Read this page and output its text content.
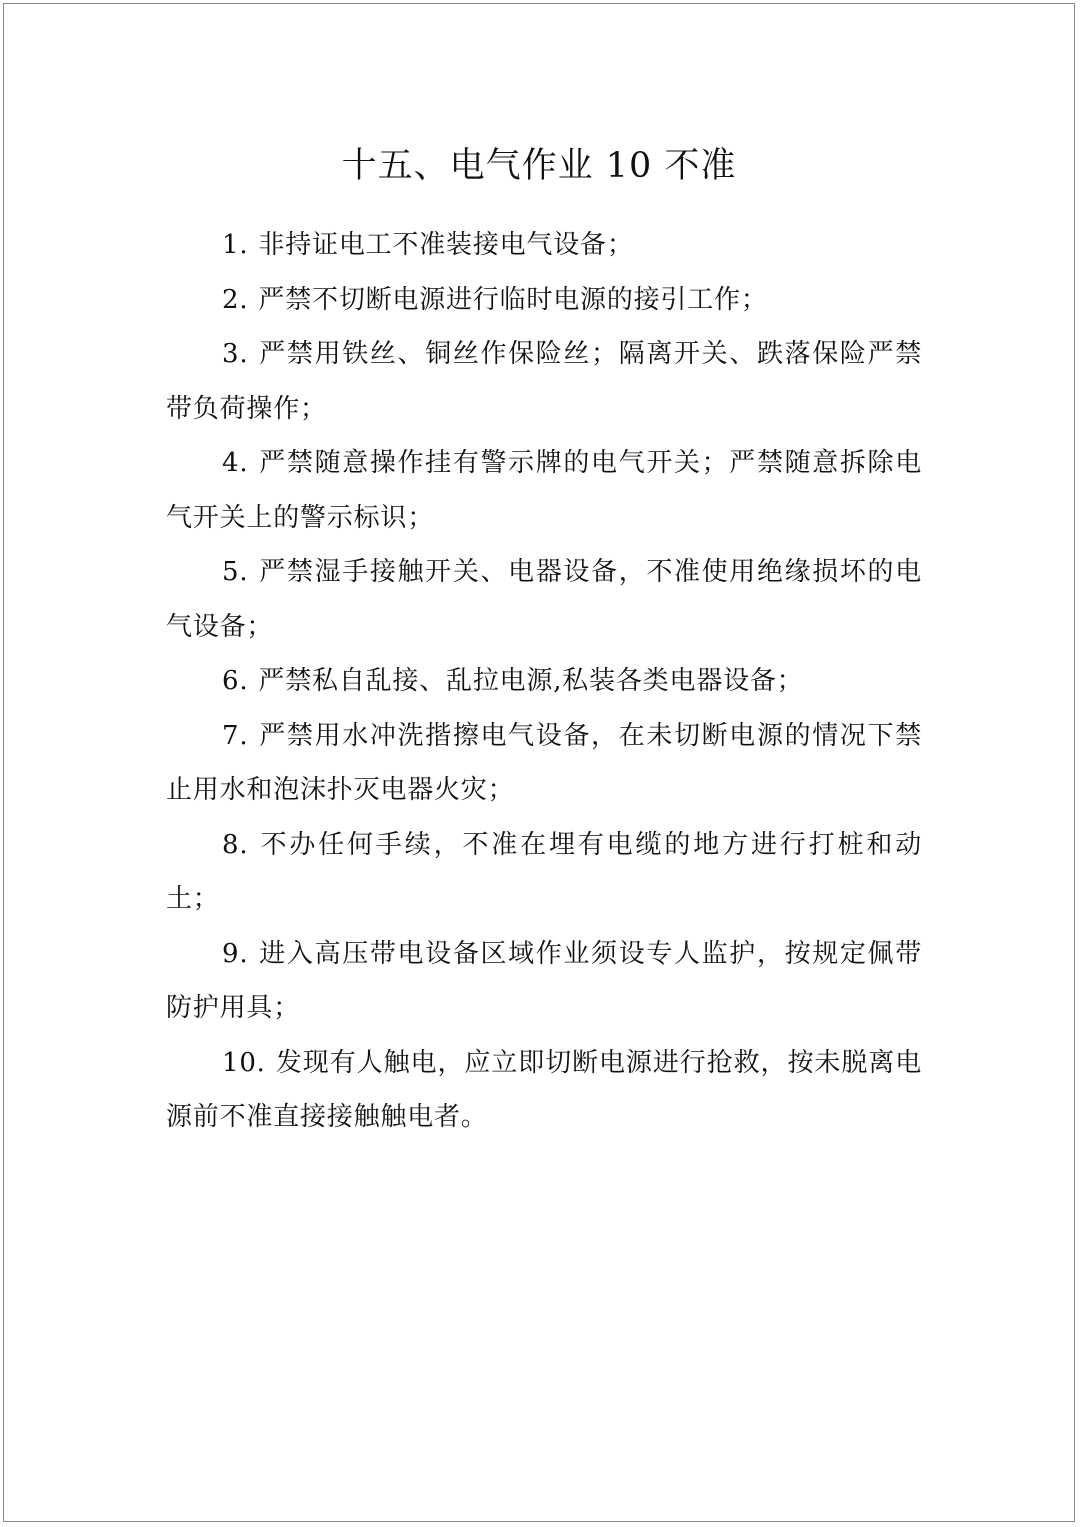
十五、电气作业 10 不准

1. 非持证电工不准装接电气设备；

2. 严禁不切断电源进行临时电源的接引工作；

3. 严禁用铁丝、铜丝作保险丝；隔离开关、跌落保险严禁带负荷操作；

4. 严禁随意操作挂有警示牌的电气开关；严禁随意拆除电气开关上的警示标识；

5. 严禁湿手接触开关、电器设备，不准使用绝缘损坏的电气设备；

6. 严禁私自乱接、乱拉电源,私装各类电器设备；

7. 严禁用水冲洗揩擦电气设备，在未切断电源的情况下禁止用水和泡沫扑灭电器火灾；

8. 不办任何手续，不准在埋有电缆的地方进行打桩和动土；

9. 进入高压带电设备区域作业须设专人监护，按规定佩带防护用具；

10. 发现有人触电，应立即切断电源进行抢救，按未脱离电源前不准直接接触触电者。
